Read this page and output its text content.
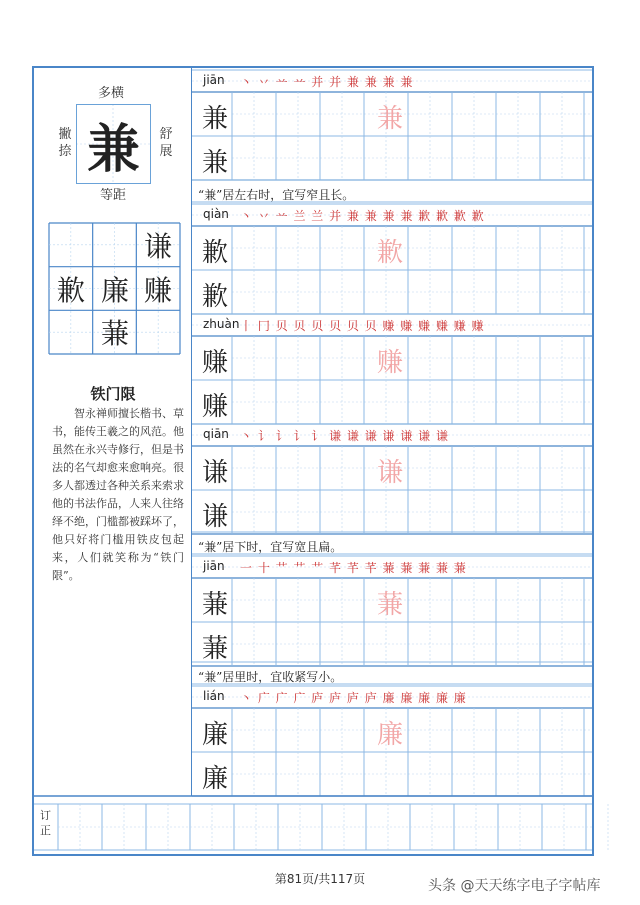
兼
多横
撇捺
舒展
等距
谦
歉 廉 赚
蒹
铁门限
智永禅师擅长楷书、草书，能传王羲之的风范。他虽然在永兴寺修行，但是书法的名气却愈来愈响亮。很多人都透过各种关系来索求他的书法作品，人来人往络绎不绝，门槛都被踩坏了，他只好将门槛用铁皮包起来，人们就笑称为“铁门限”。
“兼”居左右时，宜写窄且长。
“兼”居下时，宜写宽且扁。
“兼”居里时，宜收紧写小。
jiān 丶 丷 䒑 䒑 并 并 兼 兼 兼 兼
兼
兼
兼
qiàn 丶 丷 䒑 兰 兰 并 兼 兼 兼 兼 歉 歉 歉 歉
歉
歉
歉
zhuàn 丨 冂 贝 贝 贝 贝 贝 贝 赚 赚 赚 赚 赚 赚
赚
赚
赚
qiān 丶 讠 讠 讠 讠 谦 谦 谦 谦 谦 谦 谦
谦
谦
谦
jiān 一 十 艹 艹 艹 芊 芊 芊 蒹 蒹 蒹 蒹 蒹
蒹
蒹
蒹
lián 丶 广 广 广 庐 庐 庐 庐 廉 廉 廉 廉 廉
廉
廉
廉
订正
第81页/共117页	头条 @天天练字电子字帖库
